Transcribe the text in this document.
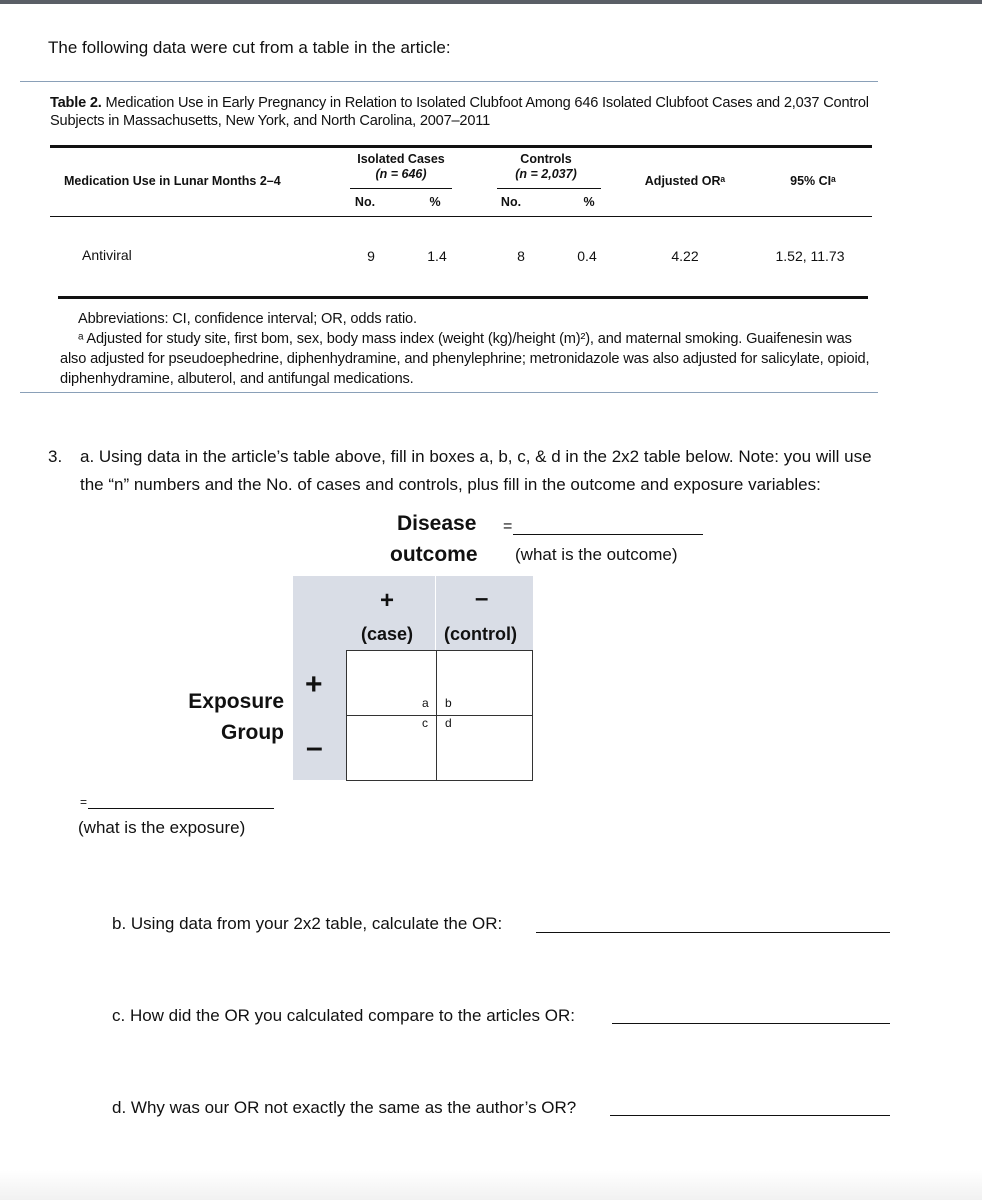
The following data were cut from a table in the article:
Table 2. Medication Use in Early Pregnancy in Relation to Isolated Clubfoot Among 646 Isolated Clubfoot Cases and 2,037 Control Subjects in Massachusetts, New York, and North Carolina, 2007–2011
Medication Use in Lunar Months 2–4
Isolated Cases
(n = 646)
Controls
(n = 2,037)	Adjusted ORᵃ	95% CIᵃ
No.	%	No.	%
Antiviral	9	1.4	8	0.4	4.22	1.52, 11.73
Abbreviations: CI, confidence interval; OR, odds ratio.
ᵃ Adjusted for study site, first bom, sex, body mass index (weight (kg)/height (m)²), and maternal smoking. Guaifenesin was also adjusted for pseudoephedrine, diphenhydramine, and phenylephrine; metronidazole was also adjusted for salicylate, opioid, diphenhydramine, albuterol, and antifungal medications.
3. a. Using data in the article’s table above, fill in boxes a, b, c, & d in the 2x2 table below. Note: you will use the “n” numbers and the No. of cases and controls, plus fill in the outcome and exposure variables:
Disease
outcome
=
(what is the outcome)
+	–
(case) (control)
+
–
Exposure
Group
a b
c d
=
(what is the exposure)
b. Using data from your 2x2 table, calculate the OR:
c. How did the OR you calculated compare to the articles OR:
d. Why was our OR not exactly the same as the author’s OR?
